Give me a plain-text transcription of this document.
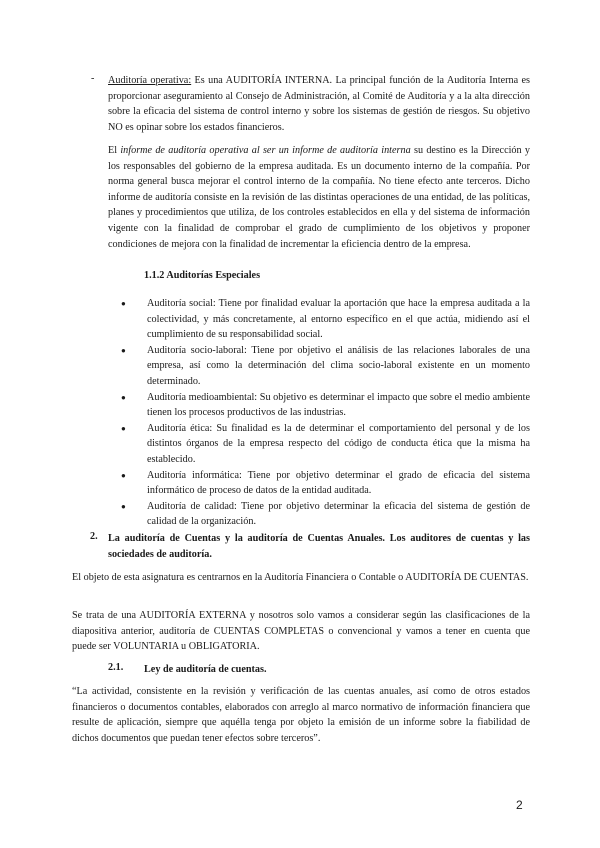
- Auditoría operativa: Es una AUDITORÍA INTERNA. La principal función de la Auditoría Interna es proporcionar aseguramiento al Consejo de Administración, al Comité de Auditoría y a la alta dirección sobre la eficacia del sistema de control interno y sobre los sistemas de gestión de riesgos. Su objetivo NO es opinar sobre los estados financieros.

El informe de auditoría operativa al ser un informe de auditoría interna su destino es la Dirección y los responsables del gobierno de la empresa auditada. Es un documento interno de la compañía. Por norma general busca mejorar el control interno de la compañía. No tiene efecto ante terceros. Dicho informe de auditoría consiste en la revisión de las distintas operaciones de una entidad, de las políticas, planes y procedimientos que utiliza, de los controles establecidos en ella y del sistema de información vigente con la finalidad de comprobar el grado de cumplimiento de los objetivos y proponer condiciones de mejora con la finalidad de incrementar la eficiencia dentro de la empresa.

1.1.2 Auditorías Especiales

● Auditoría social: Tiene por finalidad evaluar la aportación que hace la empresa auditada a la colectividad, y más concretamente, al entorno específico en el que actúa, midiendo así el cumplimiento de su responsabilidad social.
● Auditoría socio-laboral: Tiene por objetivo el análisis de las relaciones laborales de una empresa, así como la determinación del clima socio-laboral existente en un momento determinado.
● Auditoría medioambiental: Su objetivo es determinar el impacto que sobre el medio ambiente tienen los procesos productivos de las industrias.
● Auditoría ética: Su finalidad es la de determinar el comportamiento del personal y de los distintos órganos de la empresa respecto del código de conducta ética que la misma ha establecido.
● Auditoría informática: Tiene por objetivo determinar el grado de eficacia del sistema informático de proceso de datos de la entidad auditada.
● Auditoría de calidad: Tiene por objetivo determinar la eficacia del sistema de gestión de calidad de la organización.
2. La auditoría de Cuentas y la auditoría de Cuentas Anuales. Los auditores de cuentas y las sociedades de auditoría.

El objeto de esta asignatura es centrarnos en la Auditoría Financiera o Contable o AUDITORÍA DE CUENTAS.

Se trata de una AUDITORÍA EXTERNA y nosotros solo vamos a considerar según las clasificaciones de la diapositiva anterior, auditoría de CUENTAS COMPLETAS o convencional y vamos a tener en cuenta que puede ser VOLUNTARIA u OBLIGATORIA.

2.1. Ley de auditoría de cuentas.

“La actividad, consistente en la revisión y verificación de las cuentas anuales, así como de otros estados financieros o documentos contables, elaborados con arreglo al marco normativo de información financiera que resulte de aplicación, siempre que aquélla tenga por objeto la emisión de un informe sobre la fiabilidad de dichos documentos que puedan tener efectos sobre terceros”.

2
